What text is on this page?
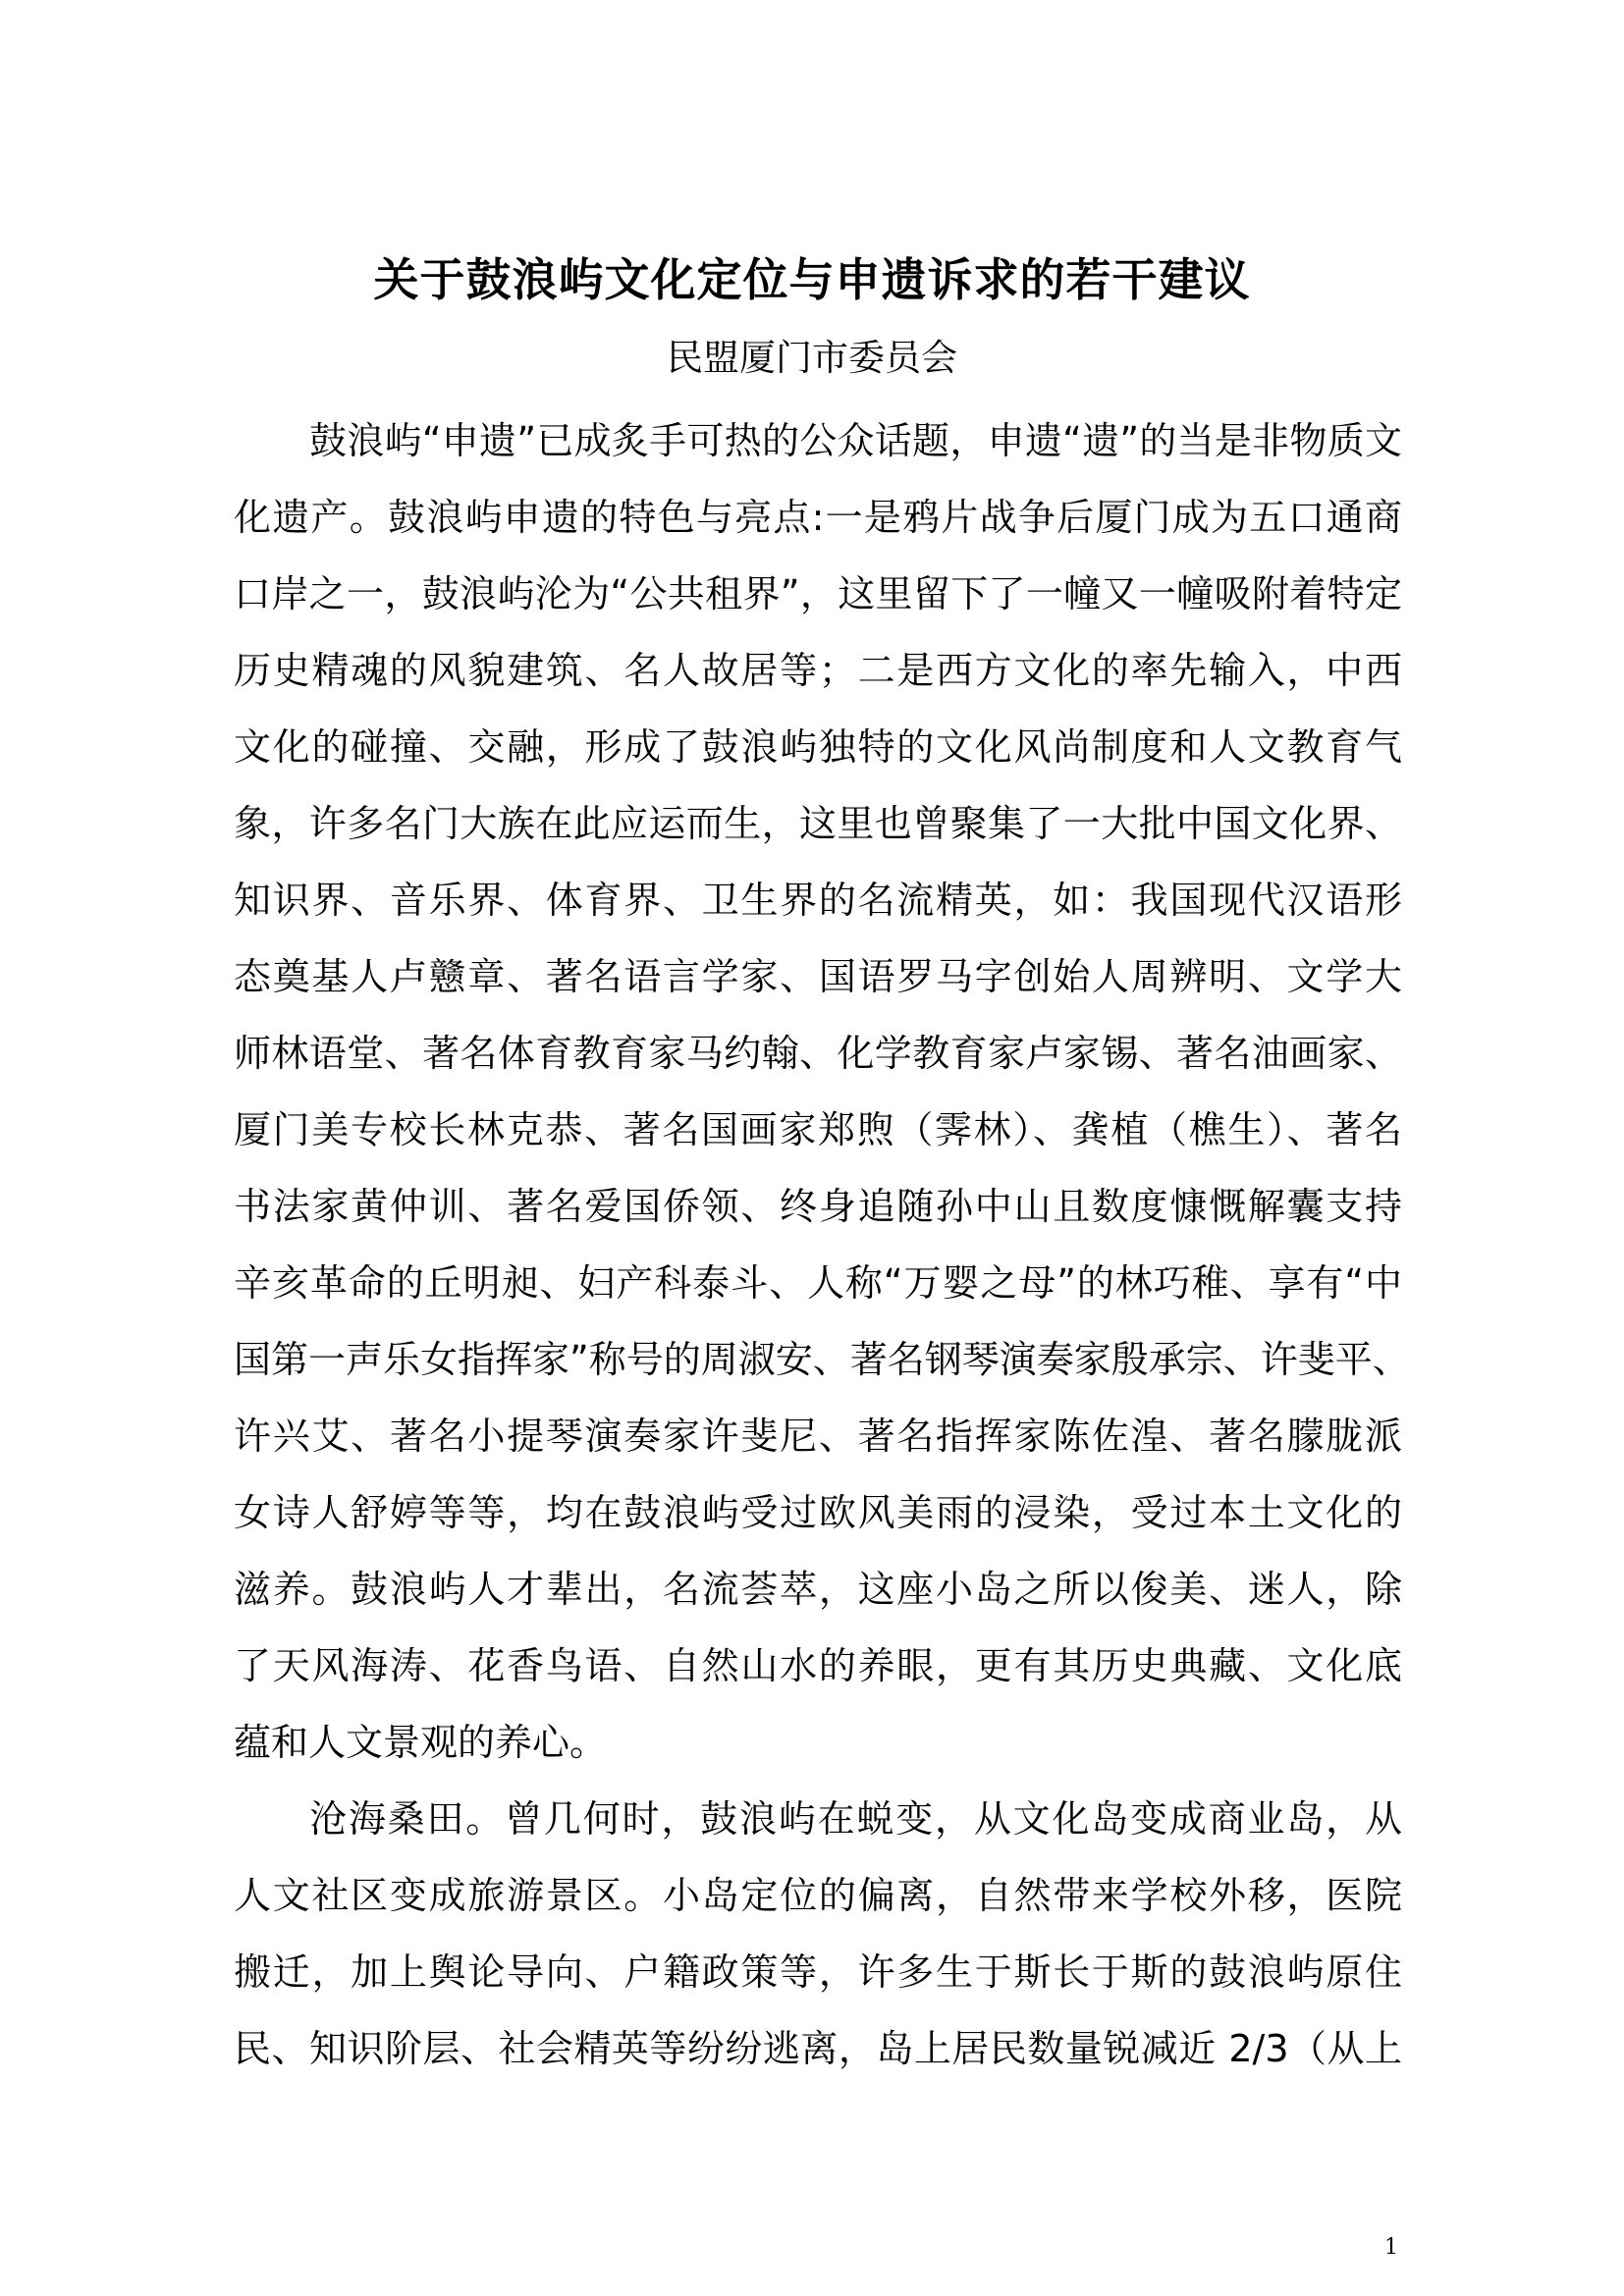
关于鼓浪屿文化定位与申遗诉求的若干建议
民盟厦门市委员会
鼓浪屿“申遗”已成炙手可热的公众话题，申遗“遗”的当是非物质文
化遗产。鼓浪屿申遗的特色与亮点:一是鸦片战争后厦门成为五口通商
口岸之一，鼓浪屿沦为“公共租界”，这里留下了一幢又一幢吸附着特定
历史精魂的风貌建筑、名人故居等；二是西方文化的率先输入，中西
文化的碰撞、交融，形成了鼓浪屿独特的文化风尚制度和人文教育气
象，许多名门大族在此应运而生，这里也曾聚集了一大批中国文化界、
知识界、音乐界、体育界、卫生界的名流精英，如：我国现代汉语形
态奠基人卢戆章、著名语言学家、国语罗马字创始人周辨明、文学大
师林语堂、著名体育教育家马约翰、化学教育家卢家锡、著名油画家、
厦门美专校长林克恭、著名国画家郑煦（霁林）、龚植（樵生）、著名
书法家黄仲训、著名爱国侨领、终身追随孙中山且数度慷慨解囊支持
辛亥革命的丘明昶、妇产科泰斗、人称“万婴之母”的林巧稚、享有“中
国第一声乐女指挥家”称号的周淑安、著名钢琴演奏家殷承宗、许斐平、
许兴艾、著名小提琴演奏家许斐尼、著名指挥家陈佐湟、著名朦胧派
女诗人舒婷等等，均在鼓浪屿受过欧风美雨的浸染，受过本土文化的
滋养。鼓浪屿人才辈出，名流荟萃，这座小岛之所以俊美、迷人，除
了天风海涛、花香鸟语、自然山水的养眼，更有其历史典藏、文化底
蕴和人文景观的养心。
沧海桑田。曾几何时，鼓浪屿在蜕变，从文化岛变成商业岛，从
人文社区变成旅游景区。小岛定位的偏离，自然带来学校外移，医院
搬迁，加上舆论导向、户籍政策等，许多生于斯长于斯的鼓浪屿原住
民、知识阶层、社会精英等纷纷逃离，岛上居民数量锐减近 2/3（从上
1
